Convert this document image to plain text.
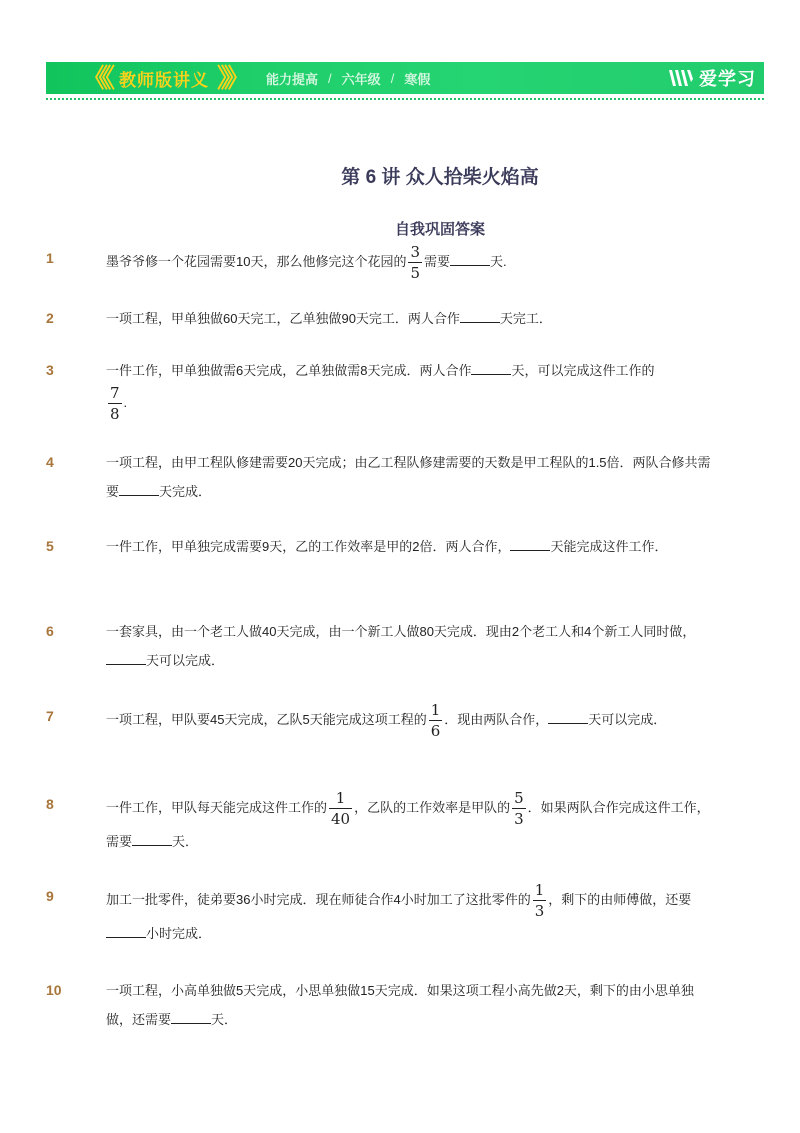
《《 教师版讲义 》》 能力提高 / 六年级 / 寒假	爱学习
第 6 讲 众人拾柴火焰高
自我巩固答案
1	墨爷爷修一个花园需要10天，那么他修完这个花园的 $\frac{3}{5}$ 需要	天.
2	一项工程，甲单独做60天完工，乙单独做90天完工．两人合作	天完工．
3	一件工作，甲单独做需6天完成，乙单独做需8天完成．两人合作	天，可以完成这件工作的

$\frac{7}{8}$ .
4	一项工程，由甲工程队修建需要20天完成；由乙工程队修建需要的天数是甲工程队的1.5倍．两队合修共需要	天完成．
5	一件工作，甲单独完成需要9天，乙的工作效率是甲的2倍．两人合作，	天能完成这件工作．
6	一套家具，由一个老工人做40天完成，由一个新工人做80天完成．现由2个老工人和4个新工人同时做，天可以完成．
7	一项工程，甲队要45天完成，乙队5天能完成这项工程的 $\frac{1}{6}$ ．现由两队合作，	天可以完成．
8	一件工作，甲队每天能完成这件工作的 $\frac{1}{40}$ ，乙队的工作效率是甲队的 $\frac{5}{3}$ ．如果两队合作完成这件工作，需要	天．
9	加工一批零件，徒弟要36小时完成．现在师徒合作4小时加工了这批零件的 $\frac{1}{3}$ ，剩下的由师傅做，还要小时完成．
10	一项工程，小高单独做5天完成，小思单独做15天完成．如果这项工程小高先做2天，剩下的由小思单独做，还需要	天．
